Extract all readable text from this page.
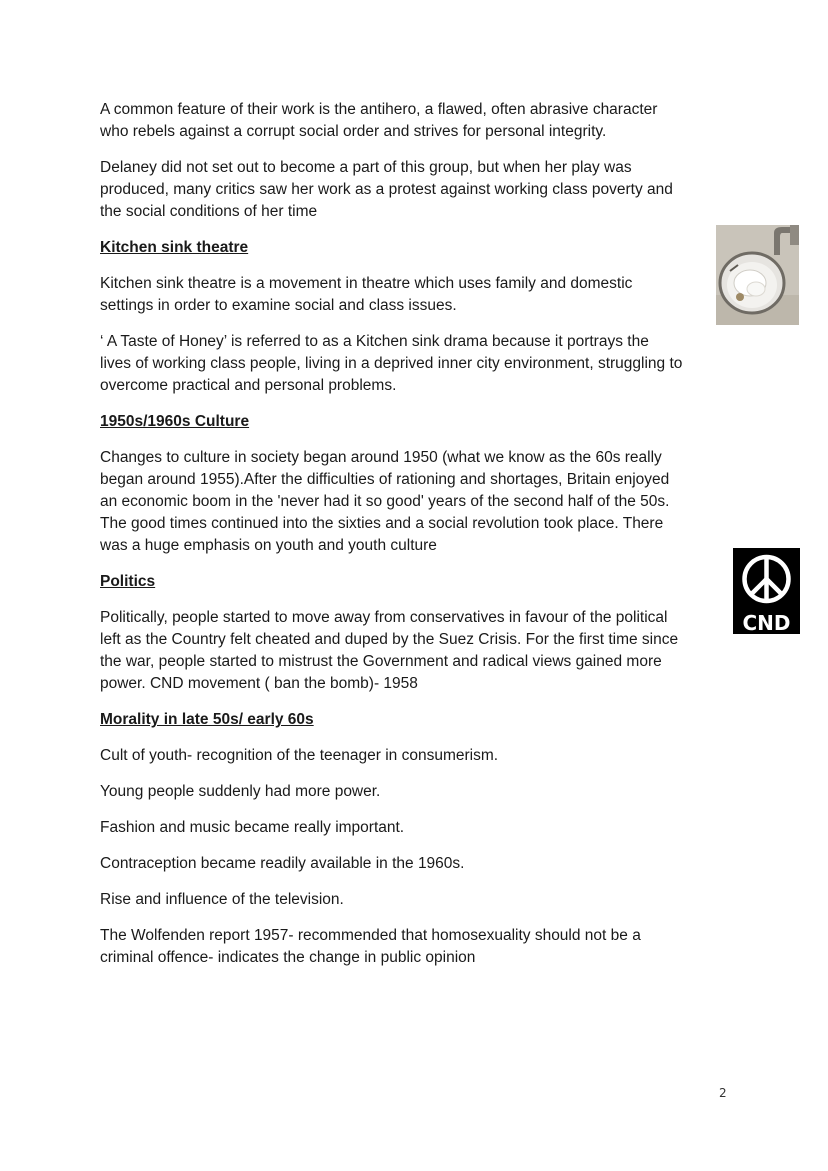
A common feature of their work is the antihero, a flawed, often abrasive character
who rebels against a corrupt social order and strives for personal integrity.

Delaney did not set out to become a part of this group, but when her play was
produced, many critics saw her work as a protest against working class poverty and
the social conditions of her time

Kitchen sink theatre

Kitchen sink theatre is a movement in theatre which uses family and domestic
settings in order to examine social and class issues.

‘ A Taste of Honey’ is referred to as a Kitchen sink drama because it portrays the
lives of working class people, living in a deprived inner city environment, struggling to
overcome practical and personal problems.

1950s/1960s Culture

Changes to culture in society began around 1950 (what we know as the 60s really
began around 1955).After the difficulties of rationing and shortages, Britain enjoyed
an economic boom in the 'never had it so good' years of the second half of the 50s.
The good times continued into the sixties and a social revolution took place. There
was a huge emphasis on youth and youth culture

Politics

Politically, people started to move away from conservatives in favour of the political
left as the Country felt cheated and duped by the Suez Crisis. For the first time since
the war, people started to mistrust the Government and radical views gained more
power. CND movement ( ban the bomb)- 1958

Morality in late 50s/ early 60s

Cult of youth- recognition of the teenager in consumerism.

Young people suddenly had more power.

Fashion and music became really important.

Contraception became readily available in the 1960s.

Rise and influence of the television.

The Wolfenden report 1957- recommended that homosexuality should not be a
criminal offence- indicates the change in public opinion

CND
2
